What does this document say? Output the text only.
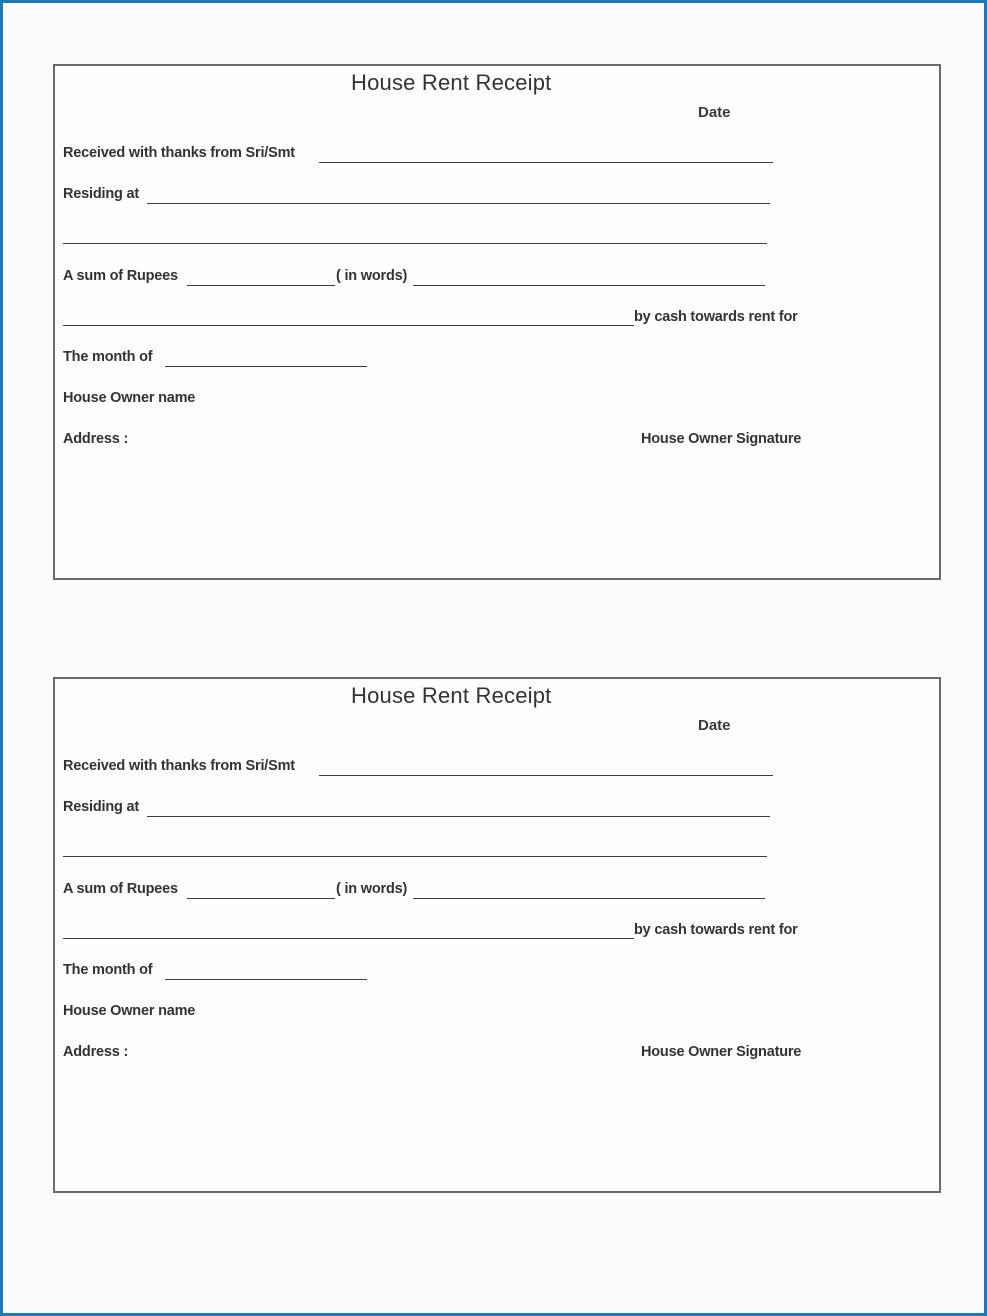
House Rent Receipt
Date
Received with thanks from Sri/Smt
Residing at
A sum of Rupees	( in words)
by cash towards rent for
The month of
House Owner name
Address :	House Owner Signature
House Rent Receipt
Date
Received with thanks from Sri/Smt
Residing at
A sum of Rupees	( in words)
by cash towards rent for
The month of
House Owner name
Address :	House Owner Signature
